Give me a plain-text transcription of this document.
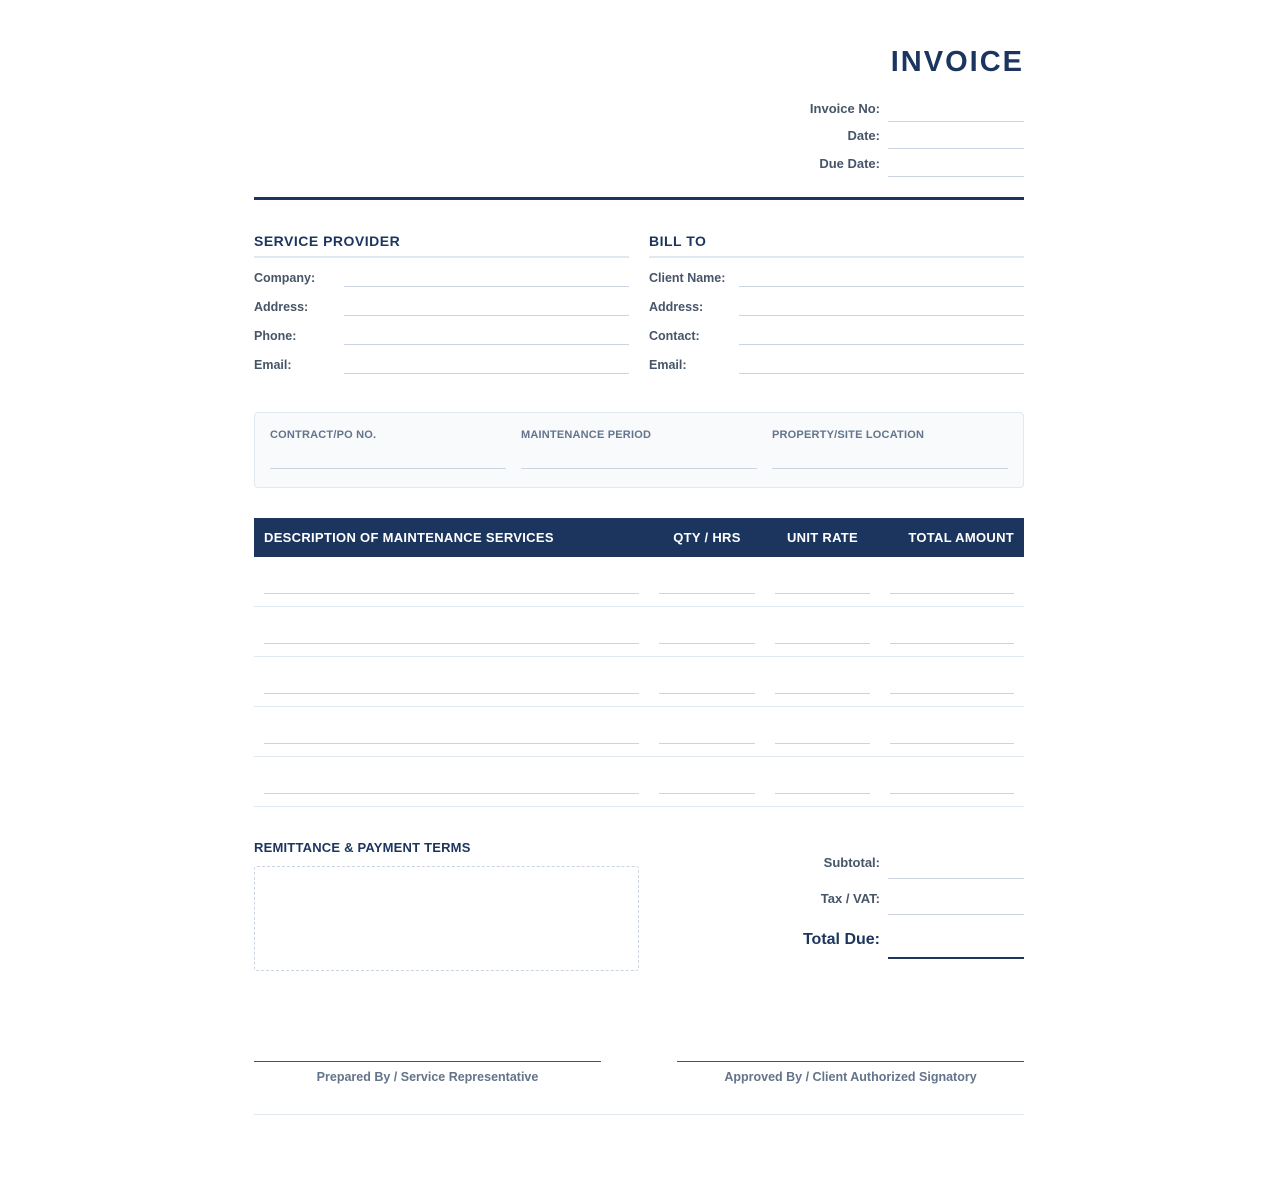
INVOICE
Invoice No:
Date:
Due Date:
SERVICE PROVIDER
Company:
Address:
Phone:
Email:
BILL TO
Client Name:
Address:
Contact:
Email:
CONTRACT/PO NO.	MAINTENANCE PERIOD	PROPERTY/SITE LOCATION
DESCRIPTION OF MAINTENANCE SERVICES	QTY / HRS	UNIT RATE	TOTAL AMOUNT

REMITTANCE & PAYMENT TERMS
Subtotal:
Tax / VAT:
Total Due:
Prepared By / Service Representative	Approved By / Client Authorized Signatory
